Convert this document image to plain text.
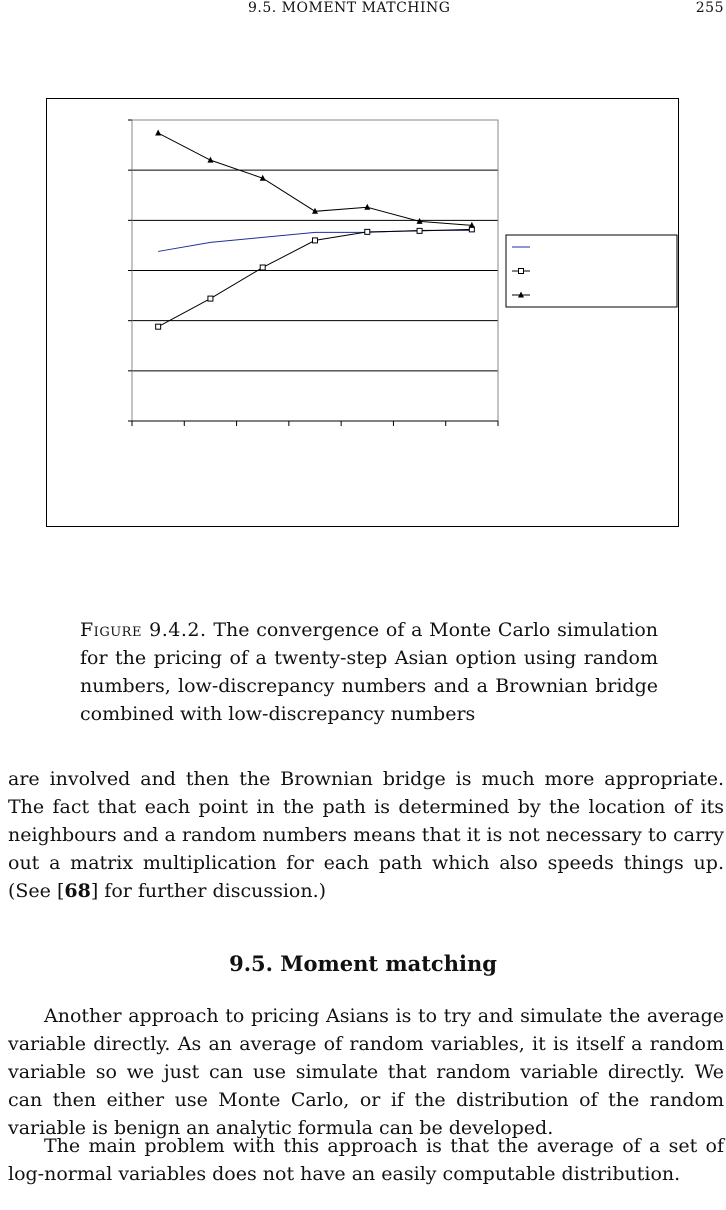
9.5. MOMENT MATCHING	255
Figure 9.4.2. The convergence of a Monte Carlo simulation for the pricing of a twenty-step Asian option using random numbers, low-discrepancy numbers and a Brownian bridge combined with low-discrepancy numbers

are involved and then the Brownian bridge is much more appropriate. The fact that each point in the path is determined by the location of its neighbours and a random numbers means that it is not necessary to carry out a matrix multiplication for each path which also speeds things up. (See [68] for further discussion.)

9.5. Moment matching

Another approach to pricing Asians is to try and simulate the average variable directly. As an average of random variables, it is itself a random variable so we just can use simulate that random variable directly. We can then either use Monte Carlo, or if the distribution of the random variable is benign an analytic formula can be developed.

The main problem with this approach is that the average of a set of log-normal variables does not have an easily computable distribution.
